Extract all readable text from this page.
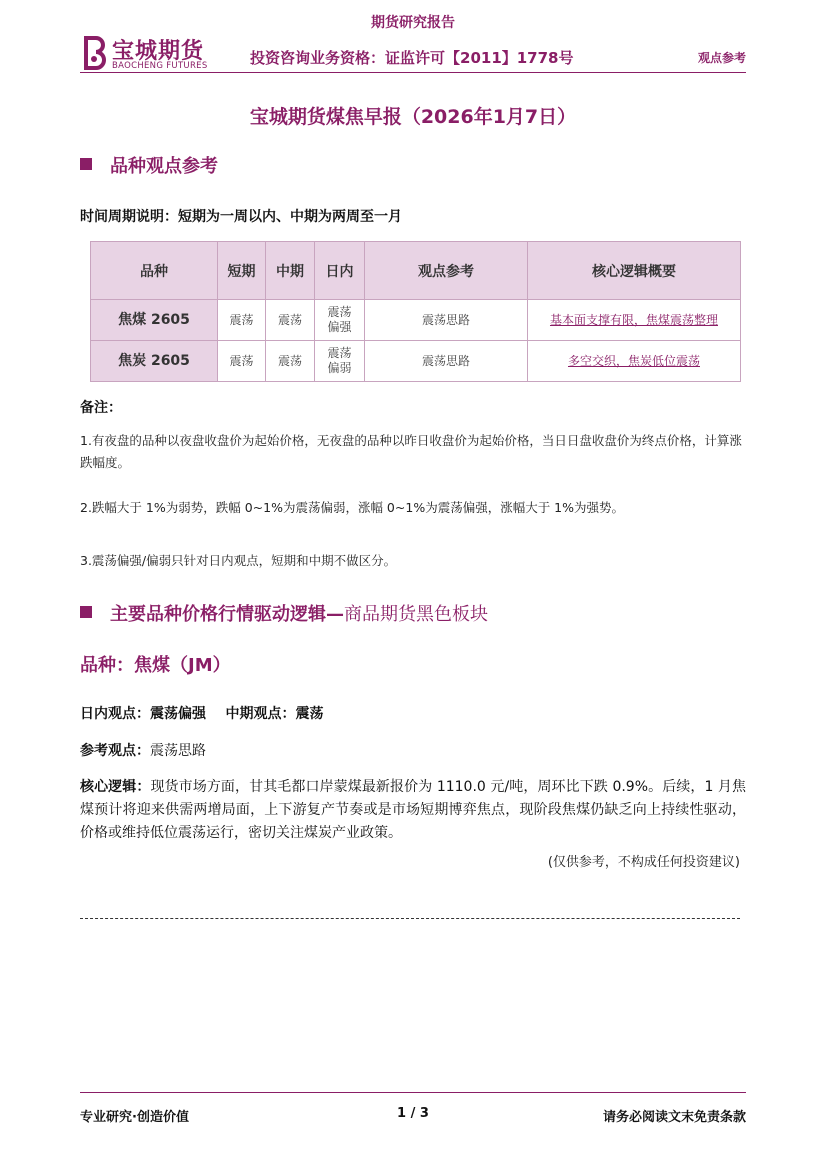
宝城期货
BAOCHENG FUTURES
期货研究报告
投资咨询业务资格：证监许可【2011】1778号	观点参考
宝城期货煤焦早报（2026年1月7日）
品种观点参考
时间周期说明：短期为一周以内、中期为两周至一月
品种	短期	中期	日内	观点参考	核心逻辑概要
焦煤 2605	震荡	震荡	震荡偏强	震荡思路	基本面支撑有限，焦煤震荡整理
焦炭 2605	震荡	震荡	震荡偏弱	震荡思路	多空交织，焦炭低位震荡
备注：
1.有夜盘的品种以夜盘收盘价为起始价格，无夜盘的品种以昨日收盘价为起始价格，当日日盘收盘价为终点价格，计算涨跌幅度。
2.跌幅大于 1%为弱势，跌幅 0~1%为震荡偏弱，涨幅 0~1%为震荡偏强，涨幅大于 1%为强势。
3.震荡偏强/偏弱只针对日内观点，短期和中期不做区分。
主要品种价格行情驱动逻辑—商品期货黑色板块
品种：焦煤（JM）
日内观点：震荡偏强 中期观点：震荡
参考观点：震荡思路
核心逻辑：现货市场方面，甘其毛都口岸蒙煤最新报价为 1110.0 元/吨，周环比下跌 0.9%。后续，1 月焦煤预计将迎来供需两增局面，上下游复产节奏或是市场短期博弈焦点，现阶段焦煤仍缺乏向上持续性驱动，价格或维持低位震荡运行，密切关注煤炭产业政策。
(仅供参考，不构成任何投资建议)
专业研究·创造价值	1 / 3	请务必阅读文末免责条款
